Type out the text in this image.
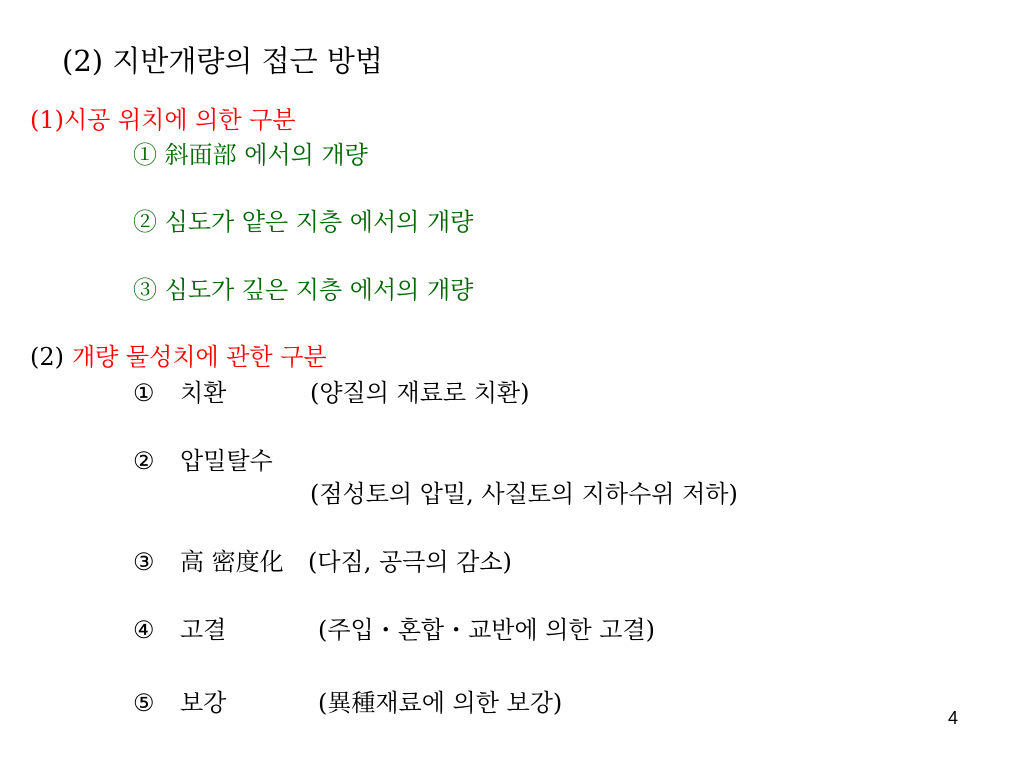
(2) 지반개량의 접근 방법
(1)시공 위치에 의한 구분
① 斜面部 에서의 개량
② 심도가 얕은 지층 에서의 개량
③ 심도가 깊은 지층 에서의 개량
(2) 개량 물성치에 관한 구분
① 치환	(양질의 재료로 치환)
② 압밀탈수
(점성토의 압밀, 사질토의 지하수위 저하)
③ 高 密度化 (다짐, 공극의 감소)
④ 고결	(주입・혼합・교반에 의한 고결)
⑤ 보강	(異種재료에 의한 보강)
4
